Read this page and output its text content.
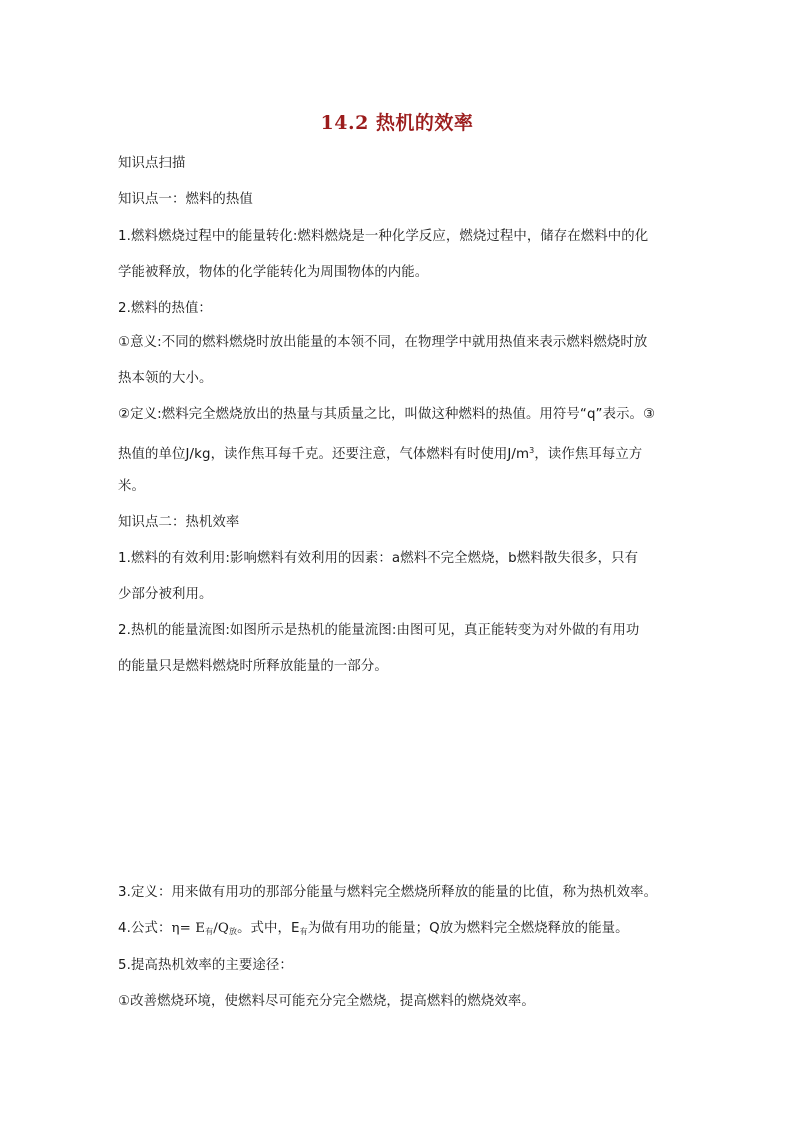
14.2 热机的效率
知识点扫描
知识点一：燃料的热值
1.燃料燃烧过程中的能量转化:燃料燃烧是一种化学反应，燃烧过程中，储存在燃料中的化
学能被释放，物体的化学能转化为周围物体的内能。
2.燃料的热值：
①意义:不同的燃料燃烧时放出能量的本领不同，在物理学中就用热值来表示燃料燃烧时放
热本领的大小。
②定义:燃料完全燃烧放出的热量与其质量之比，叫做这种燃料的热值。用符号“q”表示。③
热值的单位J/kg，读作焦耳每千克。还要注意，气体燃料有时使用$J/m^3$，读作焦耳每立方
米。
知识点二：热机效率
1.燃料的有效利用:影响燃料有效利用的因素：a燃料不完全燃烧，b燃料散失很多，只有
少部分被利用。
2.热机的能量流图:如图所示是热机的能量流图:由图可见，真正能转变为对外做的有用功
的能量只是燃料燃烧时所释放能量的一部分。
3.定义：用来做有用功的那部分能量与燃料完全燃烧所释放的能量的比值，称为热机效率。
4.公式：$\eta= E_有/Q_放$。式中，$E_有$为做有用功的能量；Q放为燃料完全燃烧释放的能量。
5.提高热机效率的主要途径：
①改善燃烧环境，使燃料尽可能充分完全燃烧，提高燃料的燃烧效率。
